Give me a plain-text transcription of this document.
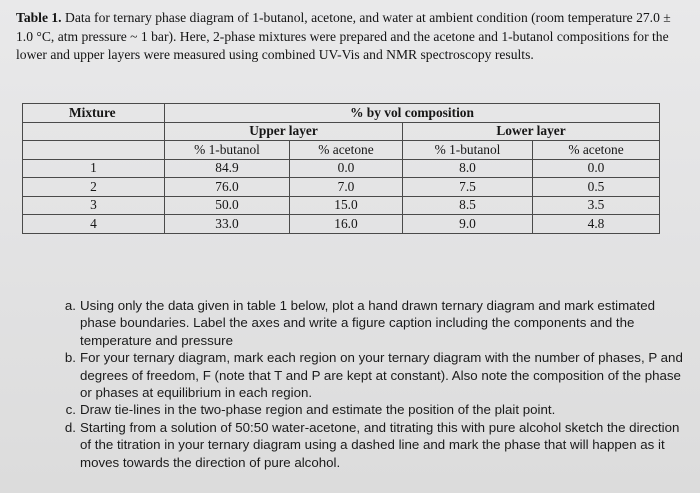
Table 1. Data for ternary phase diagram of 1-butanol, acetone, and water at ambient condition (room temperature 27.0 ± 1.0 °C, atm pressure ~ 1 bar). Here, 2-phase mixtures were prepared and the acetone and 1-butanol compositions for the lower and upper layers were measured using combined UV-Vis and NMR spectroscopy results.

Mixture	% by vol composition			
	Upper layer		Lower layer	
	% 1-butanol	% acetone	% 1-butanol	% acetone
1	84.9	0.0	8.0	0.0
2	76.0	7.0	7.5	0.5
3	50.0	15.0	8.5	3.5
4	33.0	16.0	9.0	4.8
a. Using only the data given in table 1 below, plot a hand drawn ternary diagram and mark estimated phase boundaries. Label the axes and write a figure caption including the components and the temperature and pressure
b. For your ternary diagram, mark each region on your ternary diagram with the number of phases, P and degrees of freedom, F (note that T and P are kept at constant). Also note the composition of the phase or phases at equilibrium in each region.
c. Draw tie-lines in the two-phase region and estimate the position of the plait point.
d. Starting from a solution of 50:50 water-acetone, and titrating this with pure alcohol sketch the direction of the titration in your ternary diagram using a dashed line and mark the phase that will happen as it moves towards the direction of pure alcohol.
